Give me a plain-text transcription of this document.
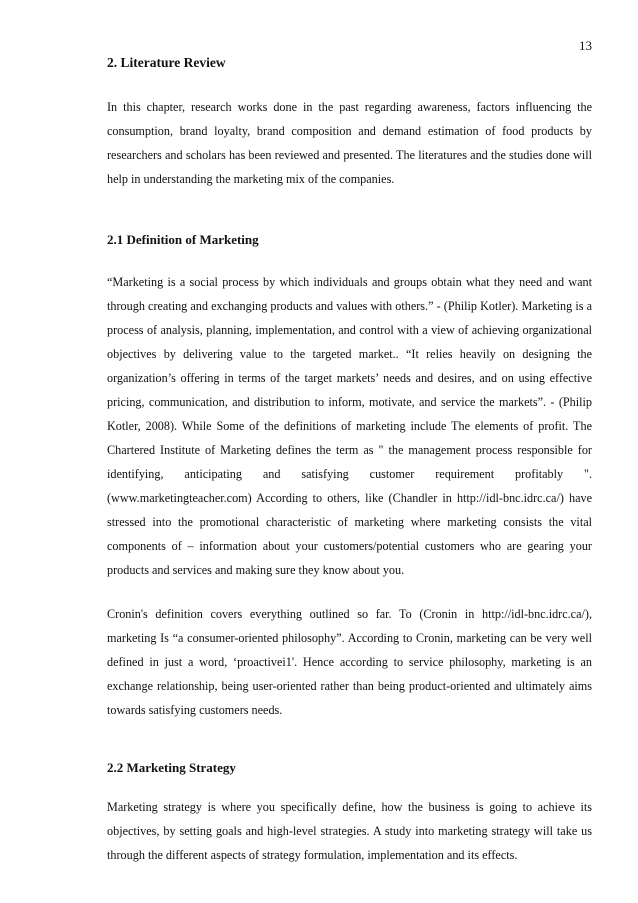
13
2. Literature Review

In this chapter, research works done in the past regarding awareness, factors influencing the consumption, brand loyalty, brand composition and demand estimation of food products by researchers and scholars has been reviewed and presented. The literatures and the studies done will help in understanding the marketing mix of the companies.

2.1 Definition of Marketing

“Marketing is a social process by which individuals and groups obtain what they need and want through creating and exchanging products and values with others.” - (Philip Kotler). Marketing is a process of analysis, planning, implementation, and control with a view of achieving organizational objectives by delivering value to the targeted market.. “It relies heavily on designing the organization’s offering in terms of the target markets’ needs and desires, and on using effective pricing, communication, and distribution to inform, motivate, and service the markets”. - (Philip Kotler, 2008). While Some of the definitions of marketing include The elements of profit. The Chartered Institute of Marketing defines the term as " the management process responsible for identifying, anticipating and satisfying customer requirement profitably ". (www.marketingteacher.com) According to others, like (Chandler in http://idl-bnc.idrc.ca/) have stressed into the promotional characteristic of marketing where marketing consists the vital components of – information about your customers/potential customers who are gearing your products and services and making sure they know about you.

Cronin's definition covers everything outlined so far. To (Cronin in http://idl-bnc.idrc.ca/), marketing Is “a consumer-oriented philosophy”. According to Cronin, marketing can be very well defined in just a word, ‘proactivei1'. Hence according to service philosophy, marketing is an exchange relationship, being user-oriented rather than being product-oriented and ultimately aims towards satisfying customers needs.

2.2 Marketing Strategy

Marketing strategy is where you specifically define, how the business is going to achieve its objectives, by setting goals and high-level strategies. A study into marketing strategy will take us through the different aspects of strategy formulation, implementation and its effects.
